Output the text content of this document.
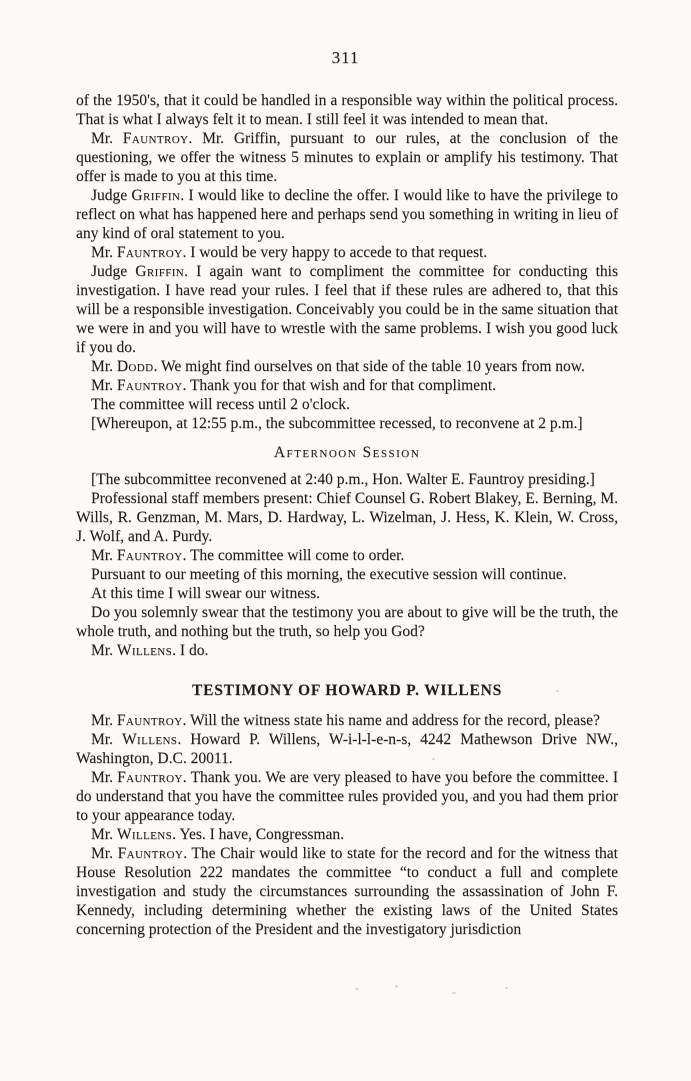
311

of the 1950's, that it could be handled in a responsible way within the political process. That is what I always felt it to mean. I still feel it was intended to mean that.

Mr. Fauntroy. Mr. Griffin, pursuant to our rules, at the conclusion of the questioning, we offer the witness 5 minutes to explain or amplify his testimony. That offer is made to you at this time.

Judge Griffin. I would like to decline the offer. I would like to have the privilege to reflect on what has happened here and perhaps send you something in writing in lieu of any kind of oral statement to you.

Mr. Fauntroy. I would be very happy to accede to that request.

Judge Griffin. I again want to compliment the committee for conducting this investigation. I have read your rules. I feel that if these rules are adhered to, that this will be a responsible investigation. Conceivably you could be in the same situation that we were in and you will have to wrestle with the same problems. I wish you good luck if you do.

Mr. Dodd. We might find ourselves on that side of the table 10 years from now.

Mr. Fauntroy. Thank you for that wish and for that compliment.

The committee will recess until 2 o'clock.

[Whereupon, at 12:55 p.m., the subcommittee recessed, to reconvene at 2 p.m.]

Afternoon Session

[The subcommittee reconvened at 2:40 p.m., Hon. Walter E. Fauntroy presiding.]

Professional staff members present: Chief Counsel G. Robert Blakey, E. Berning, M. Wills, R. Genzman, M. Mars, D. Hardway, L. Wizelman, J. Hess, K. Klein, W. Cross, J. Wolf, and A. Purdy.

Mr. Fauntroy. The committee will come to order.

Pursuant to our meeting of this morning, the executive session will continue.

At this time I will swear our witness.

Do you solemnly swear that the testimony you are about to give will be the truth, the whole truth, and nothing but the truth, so help you God?

Mr. Willens. I do.

TESTIMONY OF HOWARD P. WILLENS

Mr. Fauntroy. Will the witness state his name and address for the record, please?

Mr. Willens. Howard P. Willens, W-i-l-l-e-n-s, 4242 Mathewson Drive NW., Washington, D.C. 20011.

Mr. Fauntroy. Thank you. We are very pleased to have you before the committee. I do understand that you have the committee rules provided you, and you had them prior to your appearance today.

Mr. Willens. Yes. I have, Congressman.

Mr. Fauntroy. The Chair would like to state for the record and for the witness that House Resolution 222 mandates the committee “to conduct a full and complete investigation and study the circumstances surrounding the assassination of John F. Kennedy, including determining whether the existing laws of the United States concerning protection of the President and the investigatory jurisdiction
